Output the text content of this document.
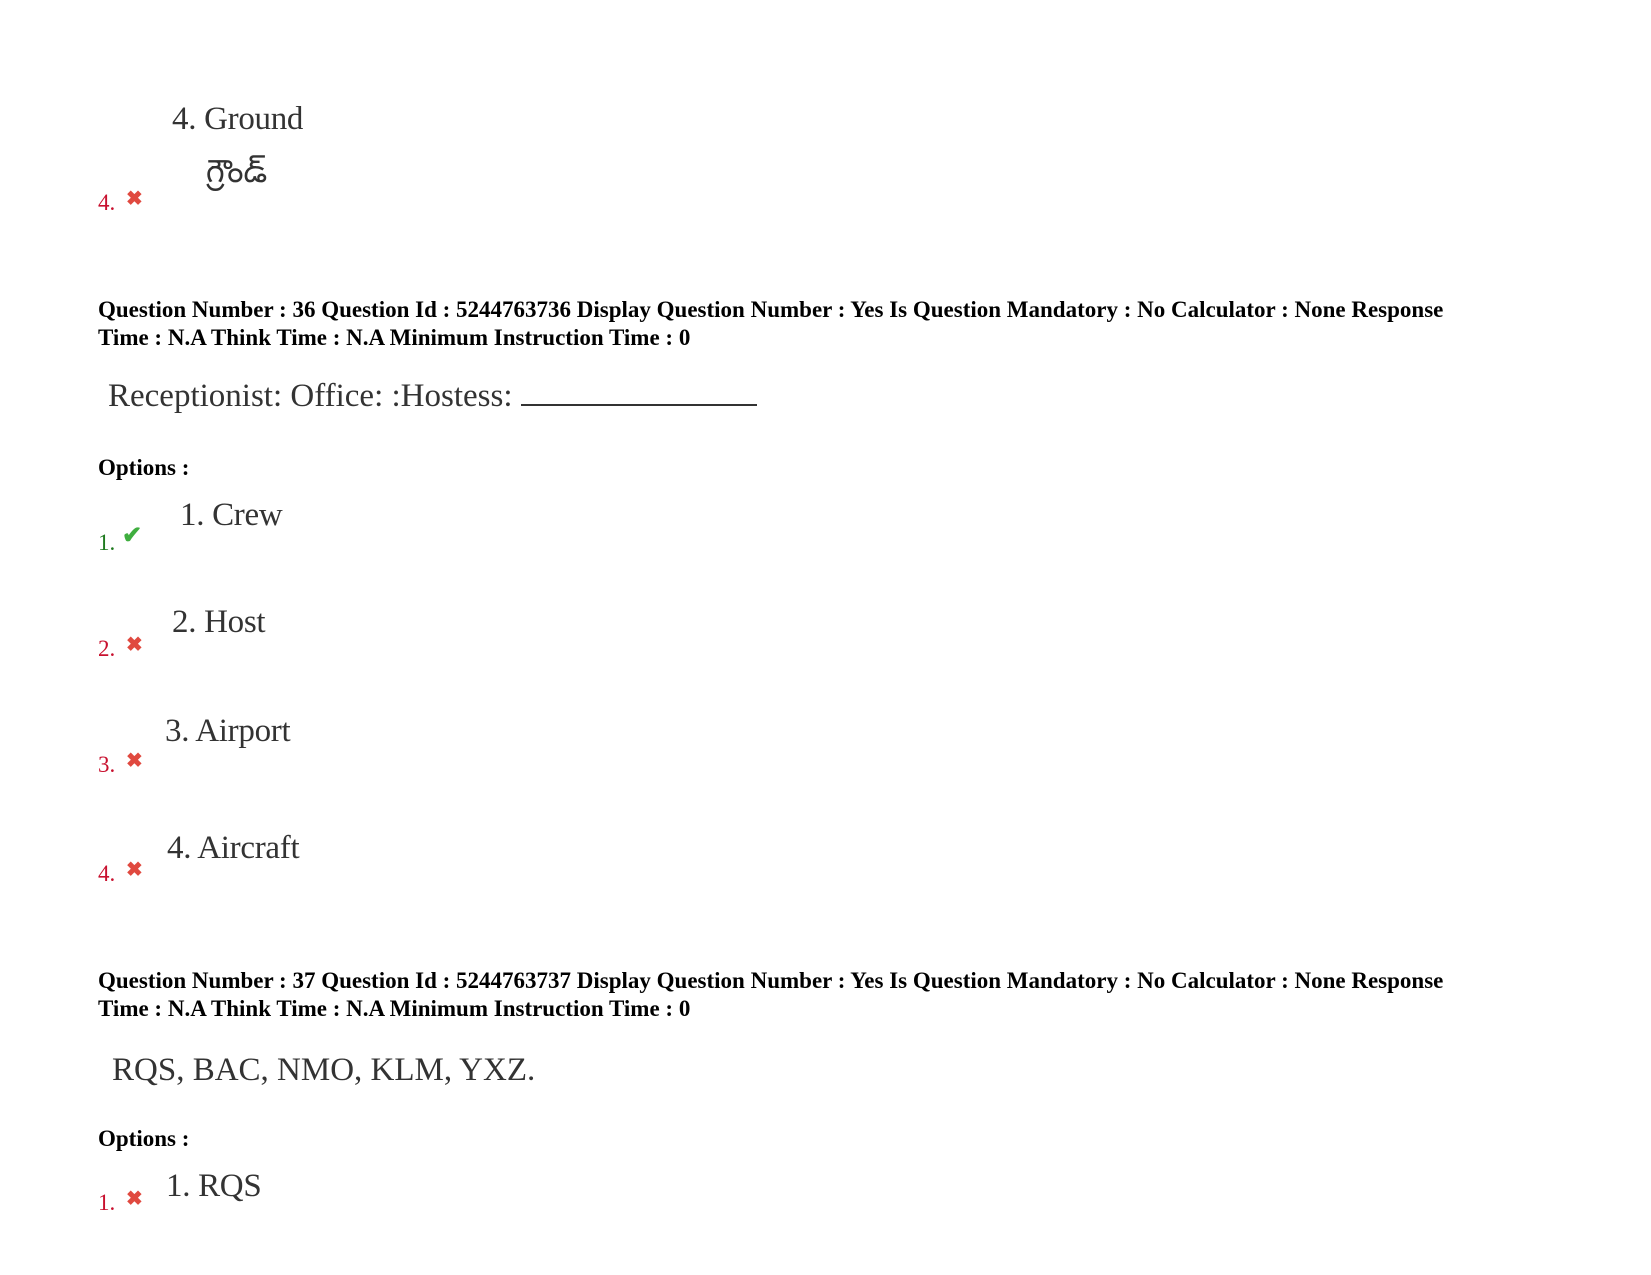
4. Ground
గ్రౌండ్
4. ✖
Question Number : 36 Question Id : 5244763736 Display Question Number : Yes Is Question Mandatory : No Calculator : None Response
Time : N.A Think Time : N.A Minimum Instruction Time : 0
Receptionist: Office: :Hostess:
Options :
1. ✔
1. Crew
2. ✖
2. Host
3. ✖
3. Airport
4. ✖
4. Aircraft
Question Number : 37 Question Id : 5244763737 Display Question Number : Yes Is Question Mandatory : No Calculator : None Response
Time : N.A Think Time : N.A Minimum Instruction Time : 0
RQS, BAC, NMO, KLM, YXZ.
Options :
1. ✖ 1. RQS
